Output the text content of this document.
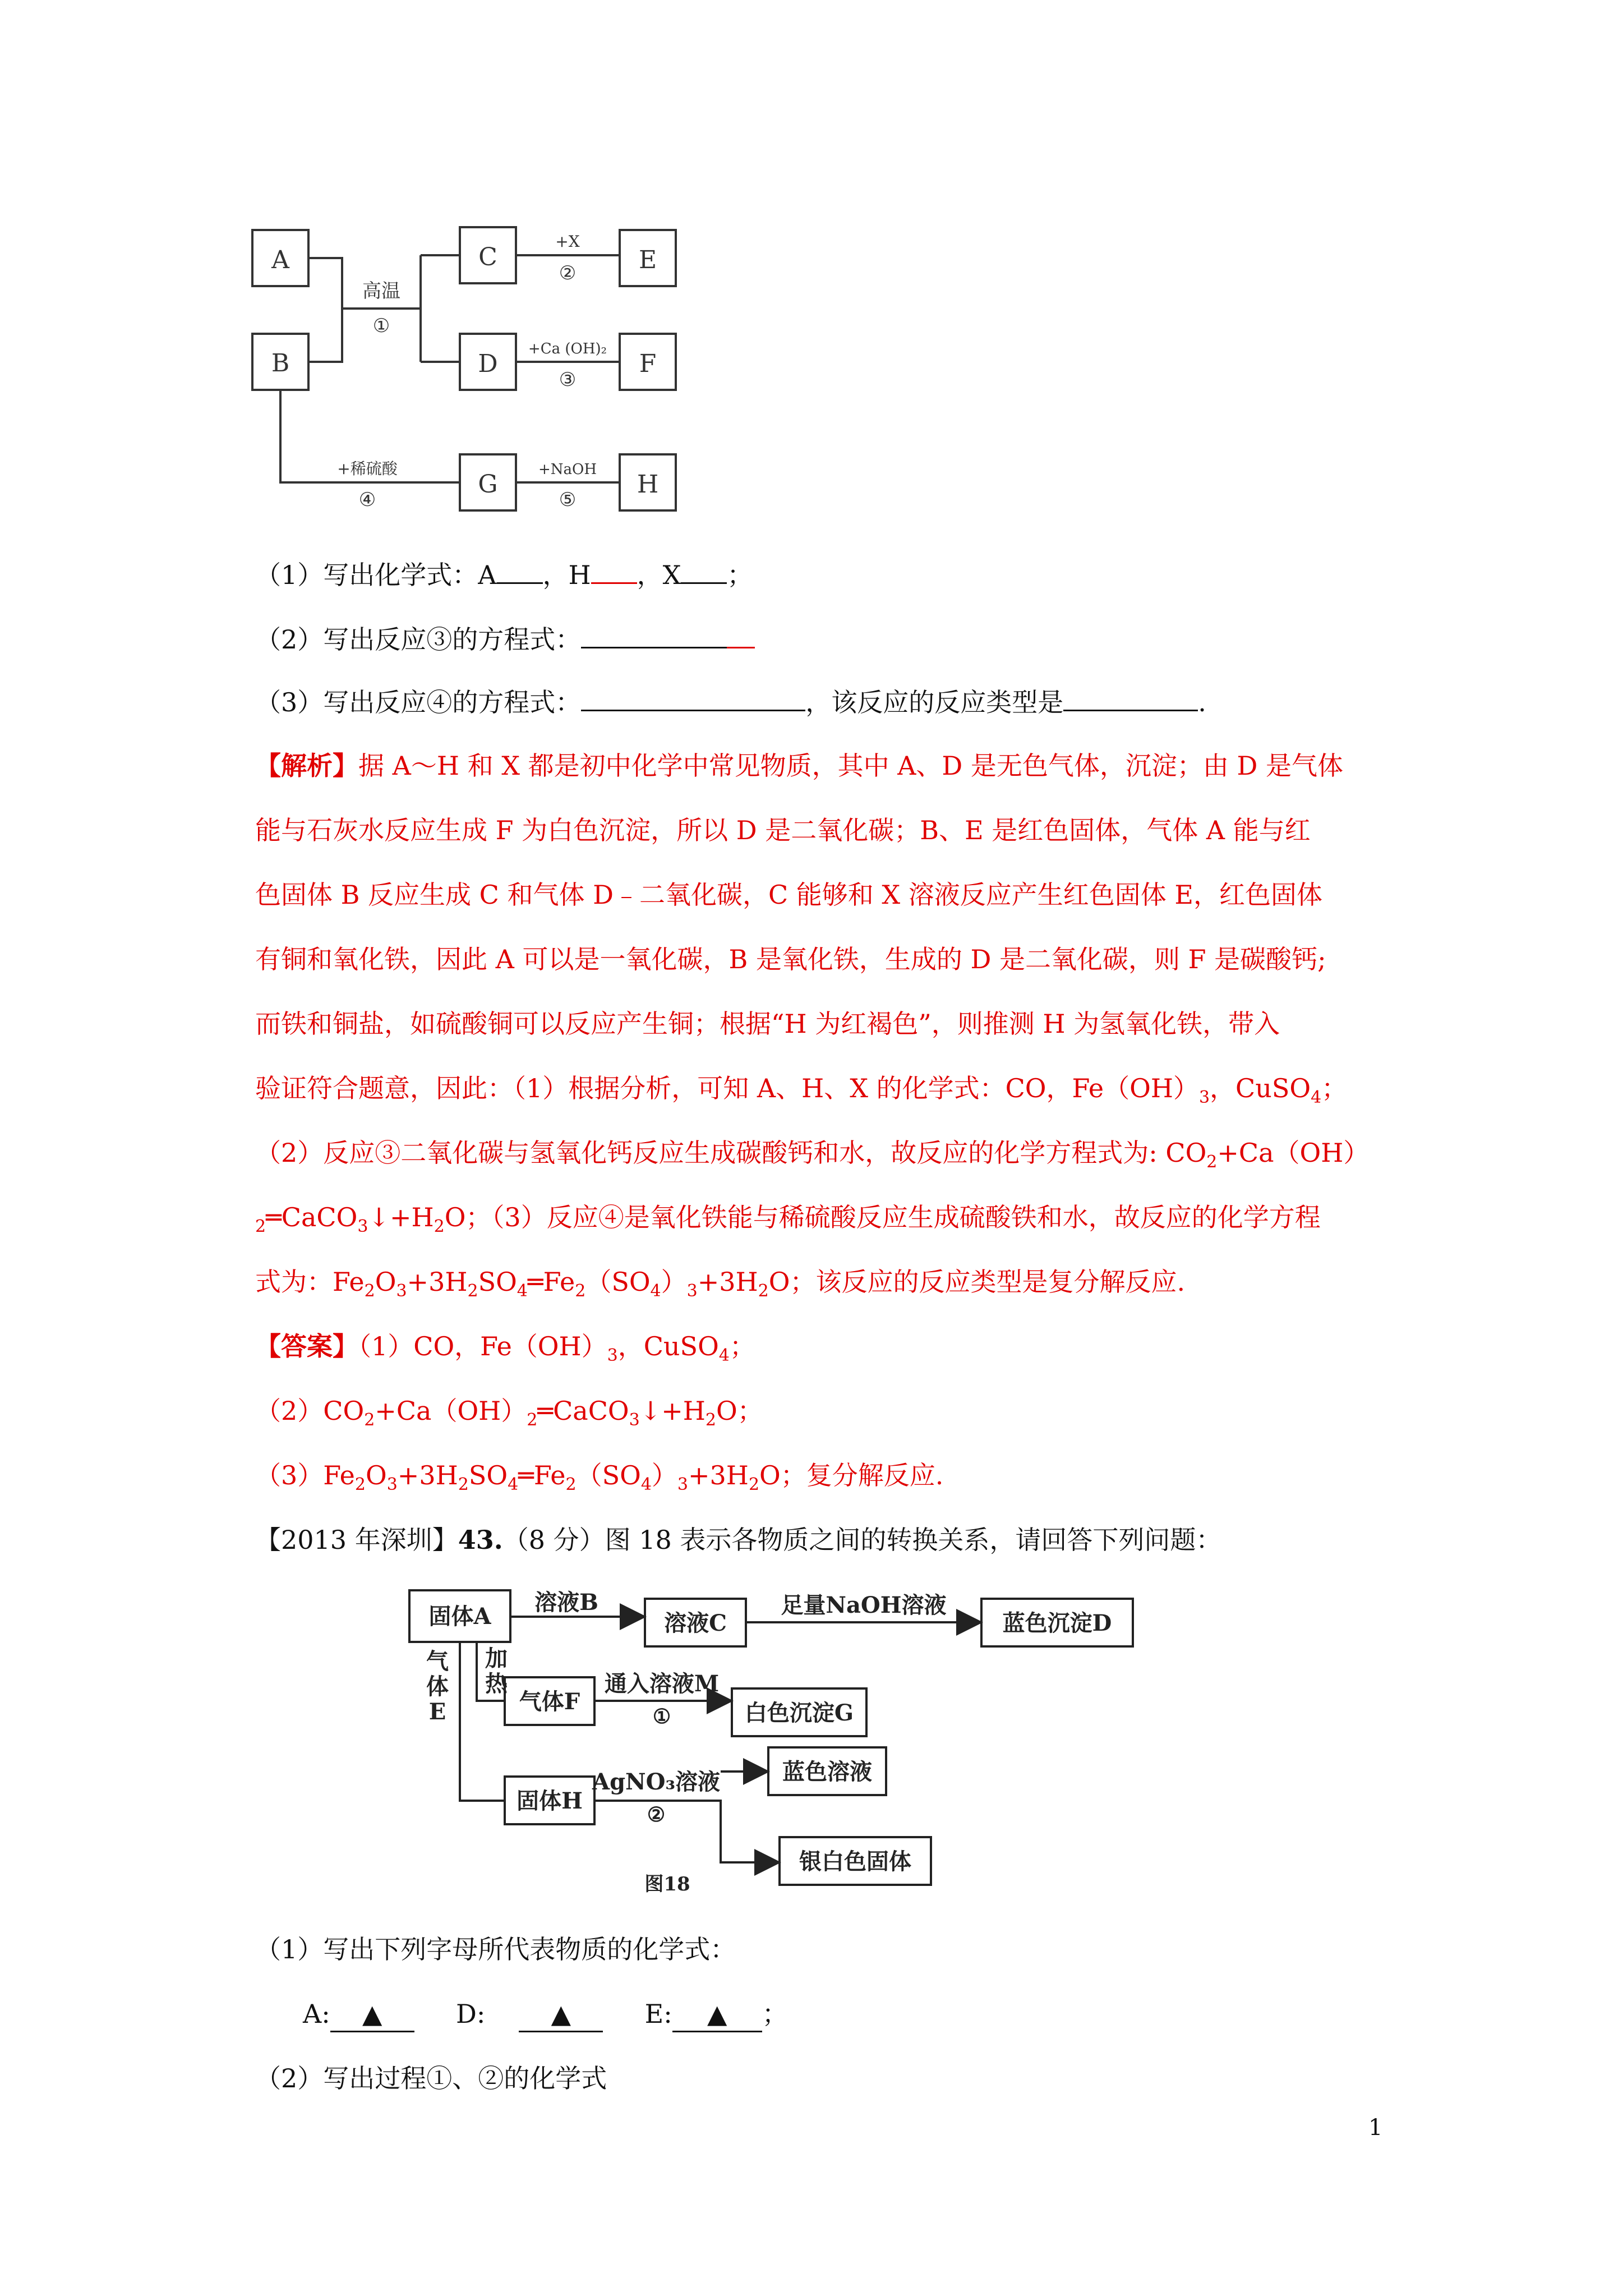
A
B
C	E
D	F
G	H
高温
①
+X
②
+Ca (OH)₂
③
+稀硫酸
④
+NaOH
⑤
（1）写出化学式：A ，H ，X ；
（2）写出反应③的方程式：
（3）写出反应④的方程式：	，该反应的反应类型是	.
【解析】据 A～H 和 X 都是初中化学中常见物质，其中 A、D 是无色气体，沉淀；由 D 是气体
能与石灰水反应生成 F 为白色沉淀，所以 D 是二氧化碳；B、E 是红色固体，气体 A 能与红
色固体 B 反应生成 C 和气体 D﹣二氧化碳，C 能够和 X 溶液反应产生红色固体 E，红色固体
有铜和氧化铁，因此 A 可以是一氧化碳，B 是氧化铁，生成的 D 是二氧化碳，则 F 是碳酸钙;
而铁和铜盐，如硫酸铜可以反应产生铜；根据“H 为红褐色”，则推测 H 为氢氧化铁，带入
验证符合题意，因此：（1）根据分析，可知 A、H、X 的化学式：CO，$Fe(OH)_3$，CuSO$_4$；
（2）反应③二氧化碳与氢氧化钙反应生成碳酸钙和水，故反应的化学方程式为: $CO_2+Ca(OH)$
$_2═CaCO_3↓+H_2O$；（3）反应④是氧化铁能与稀硫酸反应生成硫酸铁和水，故反应的化学方程
式为：$Fe_2O_3+3H_2SO_4═Fe_2(SO_4)_3+3H_2O$；该反应的反应类型是复分解反应.
【答案】（1）CO，$Fe(OH)_3$，CuSO$_4$；
$(2)CO_2+Ca(OH)_2═CaCO_3↓+H_2O$；
$(3)Fe_2O_3+3H_2SO_4═Fe_2(SO_4)_3+3H_2O$；复分解反应.
【2013 年深圳】43.（8 分）图 18 表示各物质之间的转换关系，请回答下列问题：
固体A
溶液B
溶液C
足量NaOH溶液
蓝色沉淀D
气
体
E
加
热
气体F
通入溶液M
①	白色沉淀G
固体H
AgNO₃溶液
②
蓝色溶液
银白色固体
图18
（1）写出下列字母所代表物质的化学式：
A: ▲	D:	▲	E: ▲ ；
（2）写出过程①、②的化学式
1
